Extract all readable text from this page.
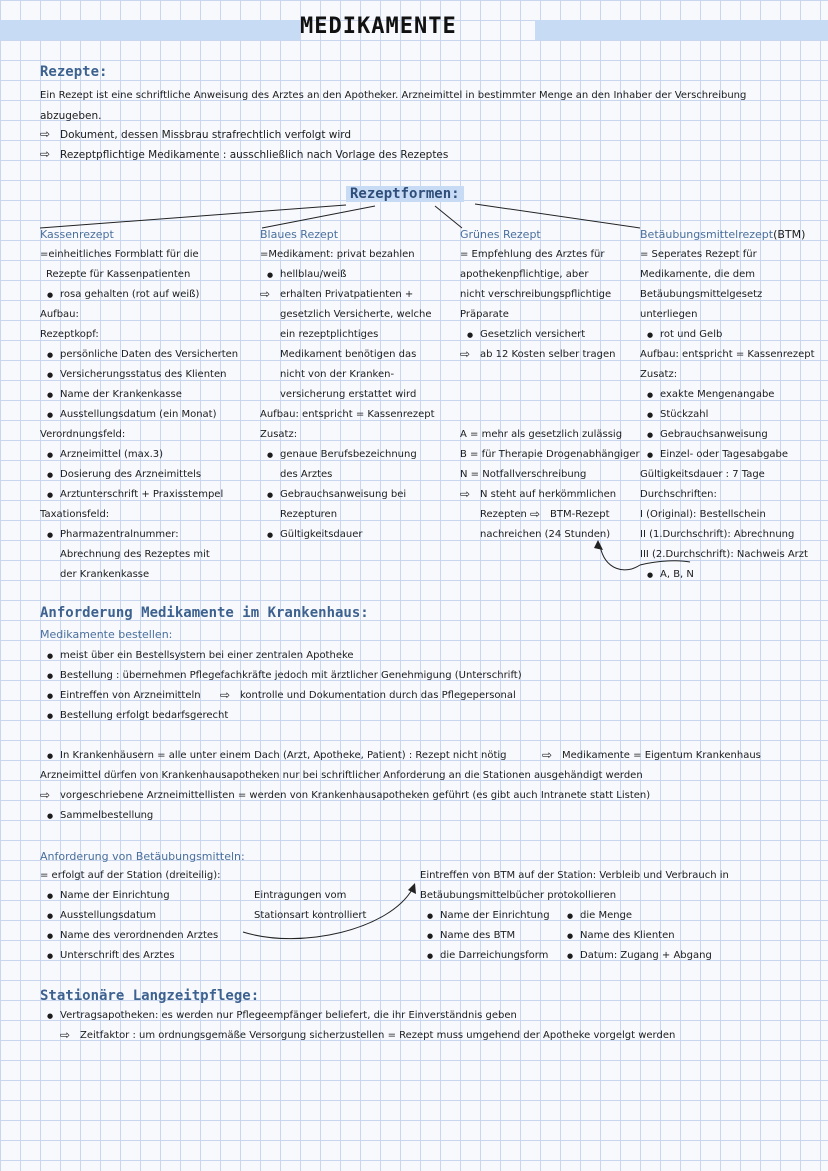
MEDIKAMENTE
Rezepte:
Ein Rezept ist eine schriftliche Anweisung des Arztes an den Apotheker. Arzneimittel in bestimmter Menge an den Inhaber der Verschreibung
abzugeben.
⇨ Dokument, dessen Missbrau strafrechtlich verfolgt wird
⇨ Rezeptpflichtige Medikamente : ausschließlich nach Vorlage des Rezeptes
Rezeptformen:
Kassenrezept
=einheitliches Formblatt für die
Rezepte für Kassenpatienten
● rosa gehalten (rot auf weiß)
Aufbau:
Rezeptkopf:
● persönliche Daten des Versicherten
● Versicherungsstatus des Klienten
● Name der Krankenkasse
● Ausstellungsdatum (ein Monat)
Verordnungsfeld:
● Arzneimittel (max.3)
● Dosierung des Arzneimittels
● Arztunterschrift + Praxisstempel
Taxationsfeld:
● Pharmazentralnummer:
Abrechnung des Rezeptes mit
der Krankenkasse
Blaues Rezept
=Medikament: privat bezahlen
● hellblau/weiß
⇨ erhalten Privatpatienten +
gesetzlich Versicherte, welche
ein rezeptplichtiges
Medikament benötigen das
nicht von der Kranken-
versicherung erstattet wird
Aufbau: entspricht = Kassenrezept
Zusatz:
● genaue Berufsbezeichnung
des Arztes
● Gebrauchsanweisung bei
Rezepturen
● Gültigkeitsdauer
Grünes Rezept
= Empfehlung des Arztes für
apothekenpflichtige, aber
nicht verschreibungspflichtige
Präparate
● Gesetzlich versichert
⇨ ab 12 Kosten selber tragen
A = mehr als gesetzlich zulässig
B = für Therapie Drogenabhängiger
N = Notfallverschreibung
⇨ N steht auf herkömmlichen
Rezepten ⇨ BTM-Rezept
nachreichen (24 Stunden)
Betäubungsmittelrezept(BTM)
= Seperates Rezept für
Medikamente, die dem
Betäubungsmittelgesetz
unterliegen
● rot und Gelb
Aufbau: entspricht = Kassenrezept
Zusatz:
● exakte Mengenangabe
● Stückzahl
● Gebrauchsanweisung
● Einzel- oder Tagesabgabe
Gültigkeitsdauer : 7 Tage
Durchschriften:
I (Original): Bestellschein
II (1.Durchschrift): Abrechnung
III (2.Durchschrift): Nachweis Arzt
● A, B, N
Anforderung Medikamente im Krankenhaus:
Medikamente bestellen:
● meist über ein Bestellsystem bei einer zentralen Apotheke
● Bestellung : übernehmen Pflegefachkräfte jedoch mit ärztlicher Genehmigung (Unterschrift)
● Eintreffen von Arzneimitteln	⇨ kontrolle und Dokumentation durch das Pflegepersonal
● Bestellung erfolgt bedarfsgerecht
● In Krankenhäusern = alle unter einem Dach (Arzt, Apotheke, Patient) : Rezept nicht nötig	⇨ Medikamente = Eigentum Krankenhaus
Arzneimittel dürfen von Krankenhausapotheken nur bei schriftlicher Anforderung an die Stationen ausgehändigt werden
⇨ vorgeschriebene Arzneimittellisten = werden von Krankenhausapotheken geführt (es gibt auch Intranete statt Listen)
● Sammelbestellung
Anforderung von Betäubungsmitteln:
= erfolgt auf der Station (dreiteilig):
● Name der Einrichtung
● Ausstellungsdatum
● Name des verordnenden Arztes
● Unterschrift des Arztes
Eintragungen vom
Stationsart kontrolliert
Eintreffen von BTM auf der Station: Verbleib und Verbrauch in
Betäubungsmittelbücher protokollieren
● Name der Einrichtung
● Name des BTM
● die Darreichungsform
● die Menge
● Name des Klienten
● Datum: Zugang + Abgang
Stationäre Langzeitpflege:
● Vertragsapotheken: es werden nur Pflegeempfänger beliefert, die ihr Einverständnis geben
⇨ Zeitfaktor : um ordnungsgemäße Versorgung sicherzustellen = Rezept muss umgehend der Apotheke vorgelgt werden
